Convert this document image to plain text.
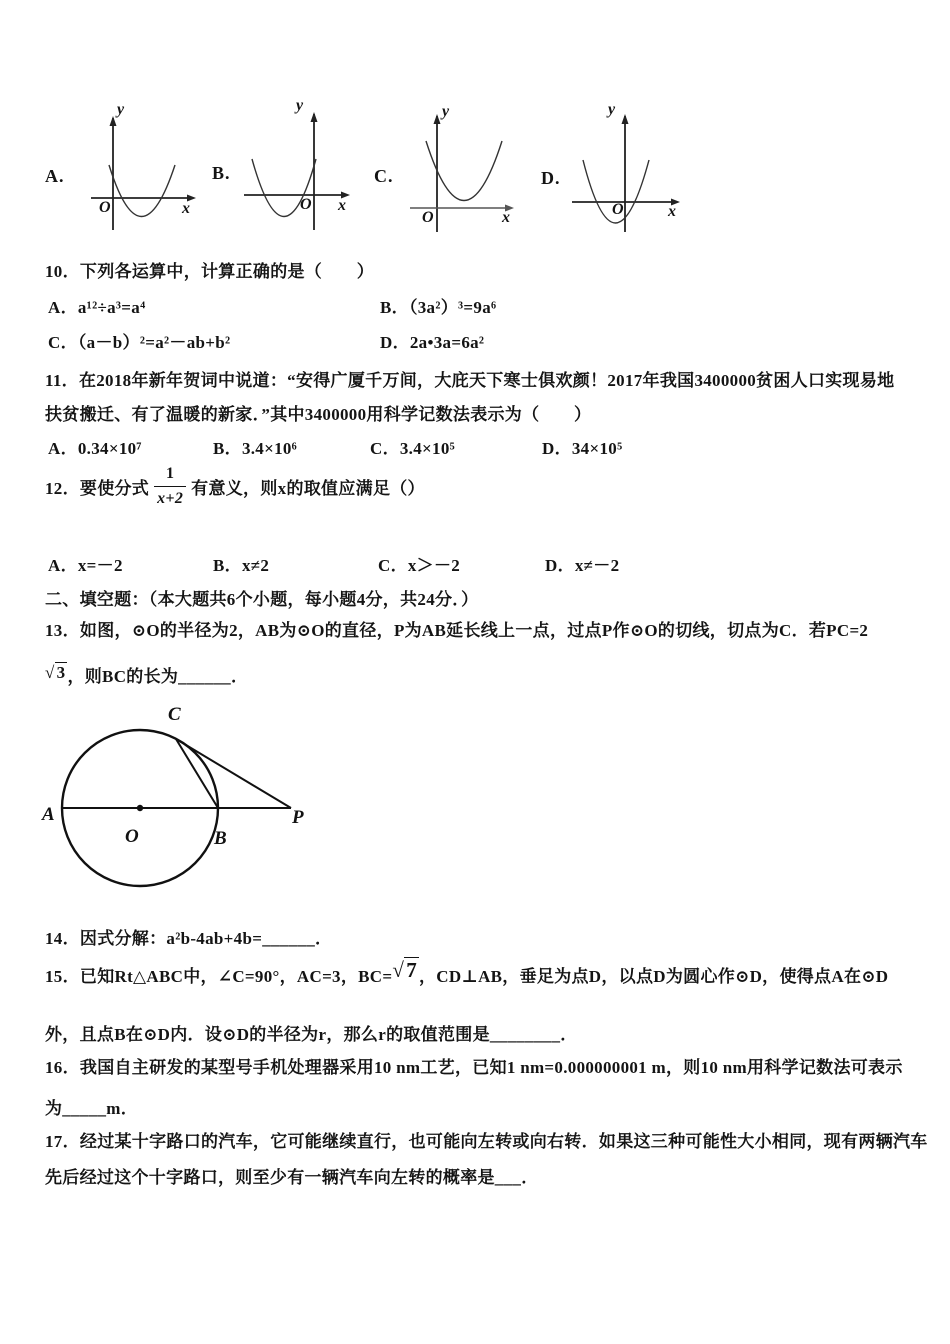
A.
y
x
O
B.
y
x
O
C.
y
x
O
D.
y
x
O
10．下列各运算中，计算正确的是（　　）
A．a¹²÷a³=a⁴	B．（3a²）³=9a⁶
C．（a－b）²=a²－ab+b²	D．2a•3a=6a²
11．在2018年新年贺词中说道：“安得广厦千万间，大庇天下寒士俱欢颜！2017年我国3400000贫困人口实现易地
扶贫搬迁、有了温暖的新家．”其中3400000用科学记数法表示为（　　）
A．0.34×10⁷	B．3.4×10⁶	C．3.4×10⁵	D．34×10⁵
12．要使分式 $\frac{1}{x+2}$ 有意义，则x的取值应满足（）
A．x=－2	B．x≠2	C．x＞－2	D．x≠－2
二、填空题：（本大题共6个小题，每小题4分，共24分．）
13．如图，⊙O的半径为2，AB为⊙O的直径，P为AB延长线上一点，过点P作⊙O的切线，切点为C．若PC=2
√ 3 ，则BC的长为______．
A
O	B
P
C
14．因式分解：a²b-4ab+4b=______．
15．已知Rt△ABC中，∠C=90°，AC=3，BC=√7 ，CD⊥AB，垂足为点D，以点D为圆心作⊙D，使得点A在⊙D
外，且点B在⊙D内．设⊙D的半径为r，那么r的取值范围是________．
16．我国自主研发的某型号手机处理器采用10 nm工艺，已知1 nm=0.000000001 m，则10 nm用科学记数法可表示
为_____m．
17．经过某十字路口的汽车，它可能继续直行，也可能向左转或向右转．如果这三种可能性大小相同，现有两辆汽车
先后经过这个十字路口，则至少有一辆汽车向左转的概率是___．
